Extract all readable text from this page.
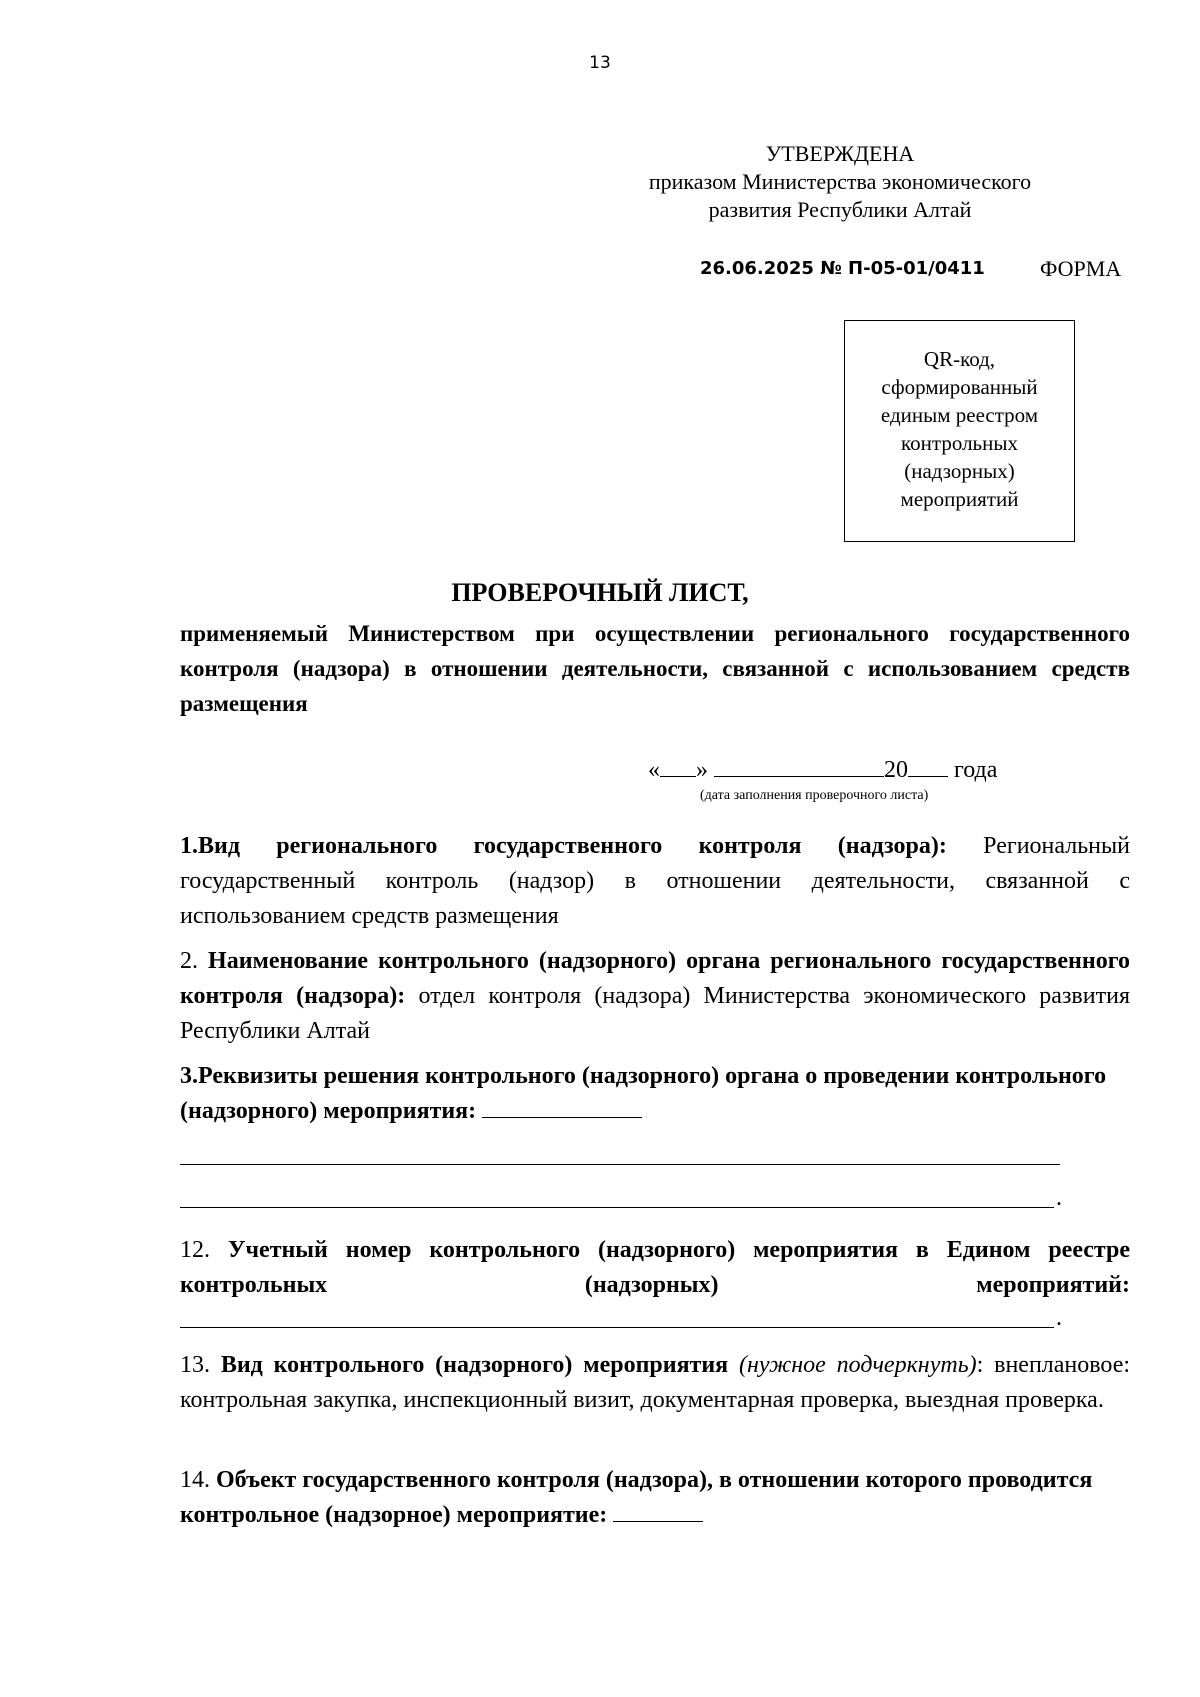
13
УТВЕРЖДЕНА
приказом Министерства экономического
развития Республики Алтай
26.06.2025 № П-05-01/0411	ФОРМА
QR-код,
сформированный
единым реестром
контрольных
(надзорных)
мероприятий
ПРОВЕРОЧНЫЙ ЛИСТ,
применяемый Министерством при осуществлении регионального государственного контроля (надзора) в отношении деятельности, связанной с использованием средств размещения
« »	20 года
(дата заполнения проверочного листа)
1.Вид регионального государственного контроля (надзора): Региональный государственный контроль (надзор) в отношении деятельности, связанной с использованием средств размещения
2. Наименование контрольного (надзорного) органа регионального государственного контроля (надзора): отдел контроля (надзора) Министерства экономического развития Республики Алтай
3.Реквизиты решения контрольного (надзорного) органа о проведении контрольного (надзорного) мероприятия:
.
12. Учетный номер контрольного (надзорного) мероприятия в Едином реестре контрольных (надзорных) мероприятий:
.
13. Вид контрольного (надзорного) мероприятия (нужное подчеркнуть): внеплановое: контрольная закупка, инспекционный визит, документарная проверка, выездная проверка.
14. Объект государственного контроля (надзора), в отношении которого проводится контрольное (надзорное) мероприятие:
